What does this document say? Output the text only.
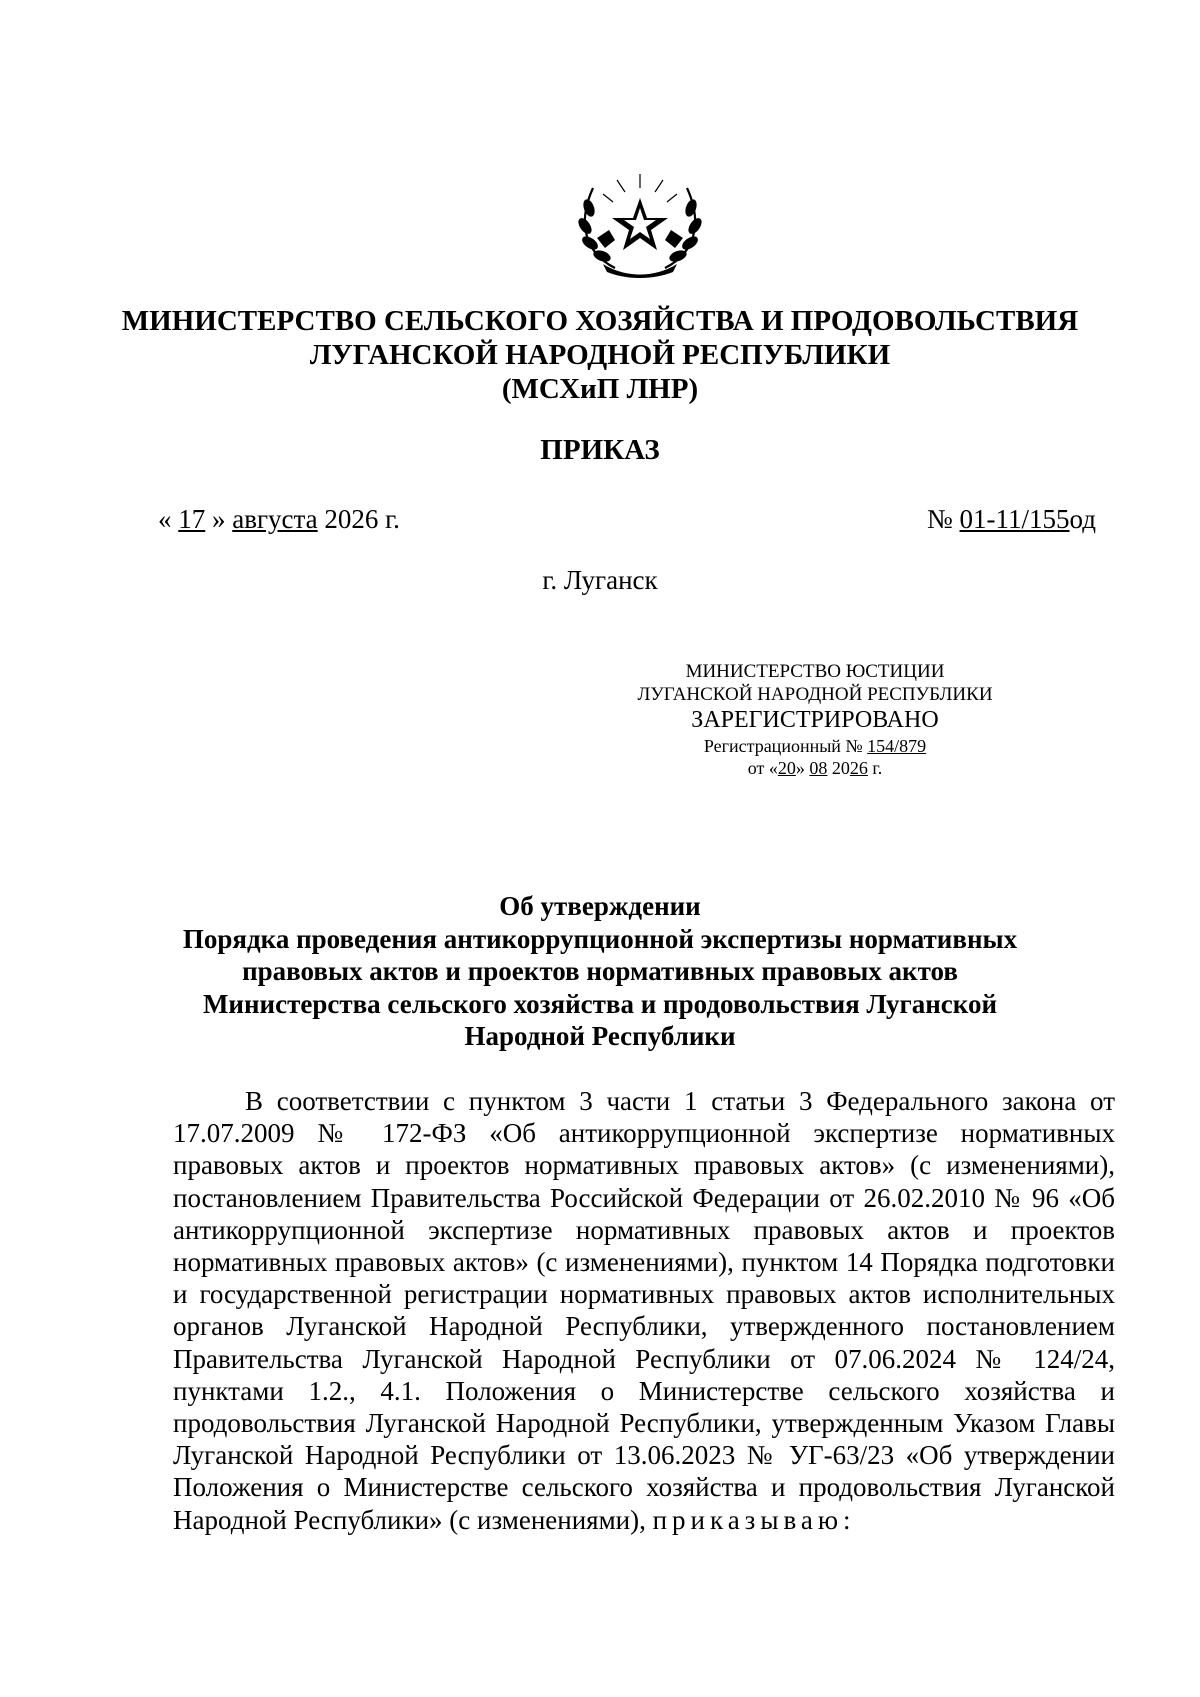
МИНИСТЕРСТВО СЕЛЬСКОГО ХОЗЯЙСТВА И ПРОДОВОЛЬСТВИЯ
ЛУГАНСКОЙ НАРОДНОЙ РЕСПУБЛИКИ
(МСХиП ЛНР)
ПРИКАЗ
« 17 » августа 2026 г.	№ 01-11/155од
г. Луганск
МИНИСТЕРСТВО ЮСТИЦИИ
ЛУГАНСКОЙ НАРОДНОЙ РЕСПУБЛИКИ
ЗАРЕГИСТРИРОВАНО
Регистрационный № 154/879
от «20» 08 2026 г.
Об утверждении
Порядка проведения антикоррупционной экспертизы нормативных правовых актов и проектов нормативных правовых актов Министерства сельского хозяйства и продовольствия Луганской Народной Республики
В соответствии с пунктом 3 части 1 статьи 3 Федерального закона от 17.07.2009 № 172-ФЗ «Об антикоррупционной экспертизе нормативных правовых актов и проектов нормативных правовых актов» (с изменениями), постановлением Правительства Российской Федерации от 26.02.2010 № 96 «Об антикоррупционной экспертизе нормативных правовых актов и проектов нормативных правовых актов» (с изменениями), пунктом 14 Порядка подготовки и государственной регистрации нормативных правовых актов исполнительных органов Луганской Народной Республики, утвержденного постановлением Правительства Луганской Народной Республики от 07.06.2024 № 124/24, пунктами 1.2., 4.1. Положения о Министерстве сельского хозяйства и продовольствия Луганской Народной Республики, утвержденным Указом Главы Луганской Народной Республики от 13.06.2023 № УГ-63/23 «Об утверждении Положения о Министерстве сельского хозяйства и продовольствия Луганской Народной Республики» (с изменениями), приказываю:
